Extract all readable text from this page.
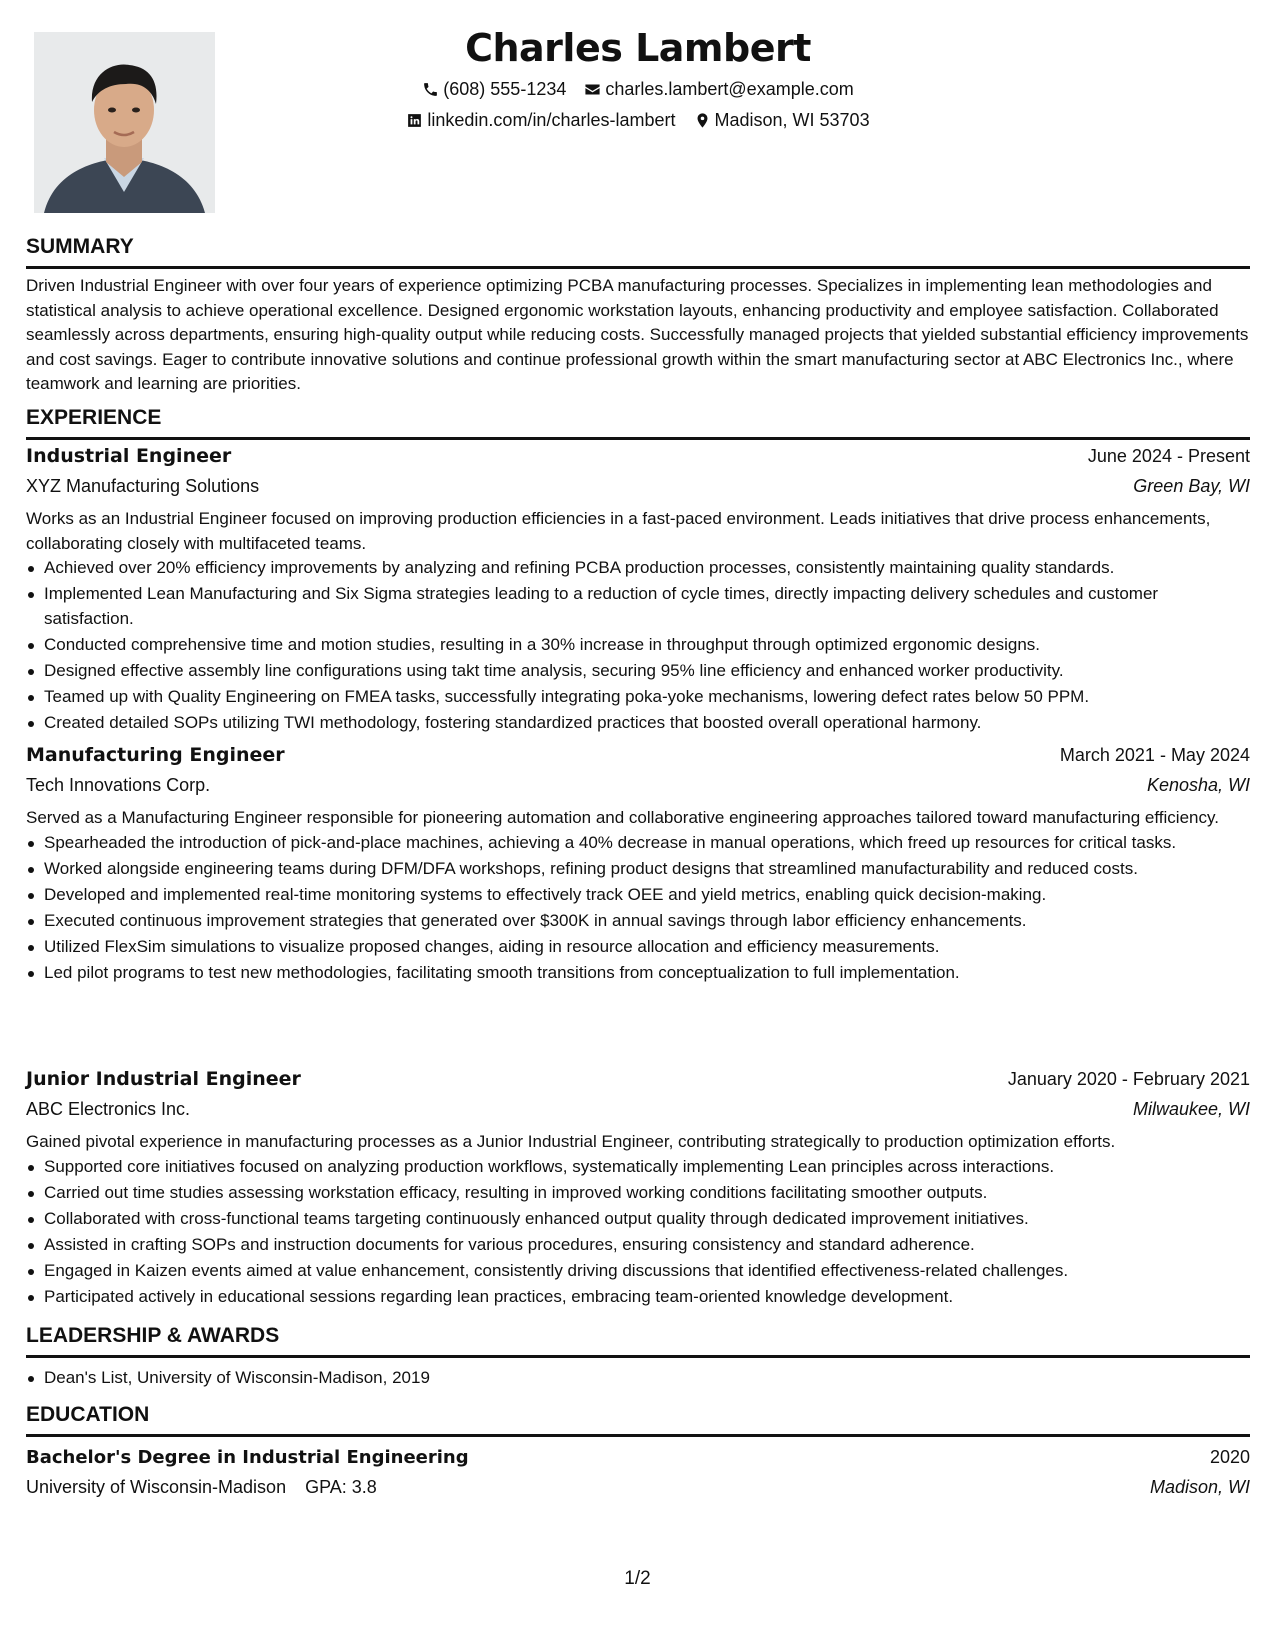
Charles Lambert
(608) 555-1234 charles.lambert@example.com
linkedin.com/in/charles-lambert Madison, WI 53703
SUMMARY
Driven Industrial Engineer with over four years of experience optimizing PCBA manufacturing processes. Specializes in implementing lean methodologies and statistical analysis to achieve operational excellence. Designed ergonomic workstation layouts, enhancing productivity and employee satisfaction. Collaborated seamlessly across departments, ensuring high-quality output while reducing costs. Successfully managed projects that yielded substantial efficiency improvements and cost savings. Eager to contribute innovative solutions and continue professional growth within the smart manufacturing sector at ABC Electronics Inc., where teamwork and learning are priorities.
EXPERIENCE
Industrial Engineer	June 2024 - Present
XYZ Manufacturing Solutions	Green Bay, WI
Works as an Industrial Engineer focused on improving production efficiencies in a fast-paced environment. Leads initiatives that drive process enhancements, collaborating closely with multifaceted teams.
Achieved over 20% efficiency improvements by analyzing and refining PCBA production processes, consistently maintaining quality standards.
Implemented Lean Manufacturing and Six Sigma strategies leading to a reduction of cycle times, directly impacting delivery schedules and customer satisfaction.
Conducted comprehensive time and motion studies, resulting in a 30% increase in throughput through optimized ergonomic designs.
Designed effective assembly line configurations using takt time analysis, securing 95% line efficiency and enhanced worker productivity.
Teamed up with Quality Engineering on FMEA tasks, successfully integrating poka-yoke mechanisms, lowering defect rates below 50 PPM.
Created detailed SOPs utilizing TWI methodology, fostering standardized practices that boosted overall operational harmony.
Manufacturing Engineer	March 2021 - May 2024
Tech Innovations Corp.	Kenosha, WI
Served as a Manufacturing Engineer responsible for pioneering automation and collaborative engineering approaches tailored toward manufacturing efficiency.
Spearheaded the introduction of pick-and-place machines, achieving a 40% decrease in manual operations, which freed up resources for critical tasks.
Worked alongside engineering teams during DFM/DFA workshops, refining product designs that streamlined manufacturability and reduced costs.
Developed and implemented real-time monitoring systems to effectively track OEE and yield metrics, enabling quick decision-making.
Executed continuous improvement strategies that generated over $300K in annual savings through labor efficiency enhancements.
Utilized FlexSim simulations to visualize proposed changes, aiding in resource allocation and efficiency measurements.
Led pilot programs to test new methodologies, facilitating smooth transitions from conceptualization to full implementation.
Junior Industrial Engineer	January 2020 - February 2021
ABC Electronics Inc.	Milwaukee, WI
Gained pivotal experience in manufacturing processes as a Junior Industrial Engineer, contributing strategically to production optimization efforts.
Supported core initiatives focused on analyzing production workflows, systematically implementing Lean principles across interactions.
Carried out time studies assessing workstation efficacy, resulting in improved working conditions facilitating smoother outputs.
Collaborated with cross-functional teams targeting continuously enhanced output quality through dedicated improvement initiatives.
Assisted in crafting SOPs and instruction documents for various procedures, ensuring consistency and standard adherence.
Engaged in Kaizen events aimed at value enhancement, consistently driving discussions that identified effectiveness-related challenges.
Participated actively in educational sessions regarding lean practices, embracing team-oriented knowledge development.
LEADERSHIP & AWARDS
Dean's List, University of Wisconsin-Madison, 2019
EDUCATION
Bachelor's Degree in Industrial Engineering	2020
University of Wisconsin-Madison GPA: 3.8	Madison, WI
1/2
